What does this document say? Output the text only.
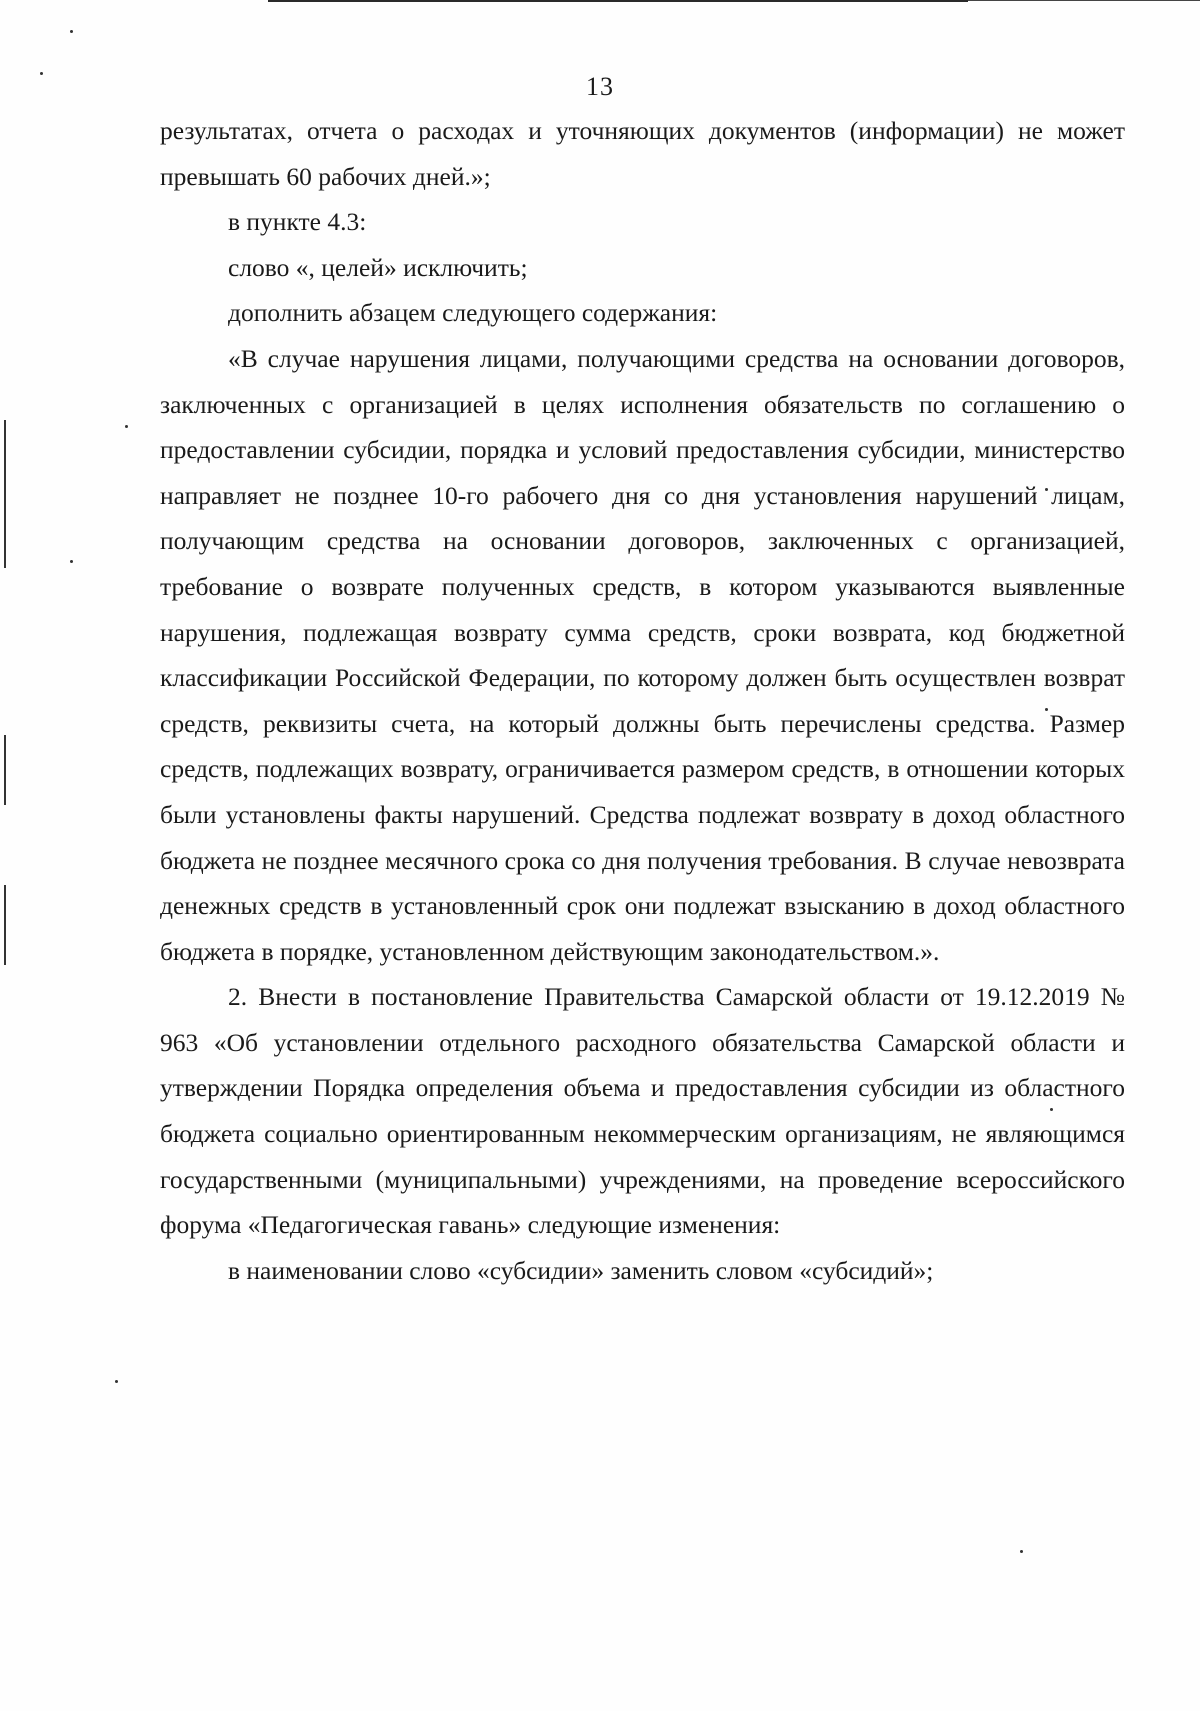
13

результатах, отчета о расходах и уточняющих документов (информации) не может превышать 60 рабочих дней.»;

в пункте 4.3:

слово «, целей» исключить;

дополнить абзацем следующего содержания:

«В случае нарушения лицами, получающими средства на основании договоров, заключенных с организацией в целях исполнения обязательств по соглашению о предоставлении субсидии, порядка и условий предоставления субсидии, министерство направляет не позднее 10-го рабочего дня со дня установления нарушений лицам, получающим средства на основании договоров, заключенных с организацией, требование о возврате полученных средств, в котором указываются выявленные нарушения, подлежащая возврату сумма средств, сроки возврата, код бюджетной классификации Российской Федерации, по которому должен быть осуществлен возврат средств, реквизиты счета, на который должны быть перечислены средства. Размер средств, подлежащих возврату, ограничивается размером средств, в отношении которых были установлены факты нарушений. Средства подлежат возврату в доход областного бюджета не позднее месячного срока со дня получения требования. В случае невозврата денежных средств в установленный срок они подлежат взысканию в доход областного бюджета в порядке, установленном действующим законодательством.».

2. Внести в постановление Правительства Самарской области от 19.12.2019 № 963 «Об установлении отдельного расходного обязательства Самарской области и утверждении Порядка определения объема и предоставления субсидии из областного бюджета социально ориентированным некоммерческим организациям, не являющимся государственными (муниципальными) учреждениями, на проведение всероссийского форума «Педагогическая гавань» следующие изменения:

в наименовании слово «субсидии» заменить словом «субсидий»;
